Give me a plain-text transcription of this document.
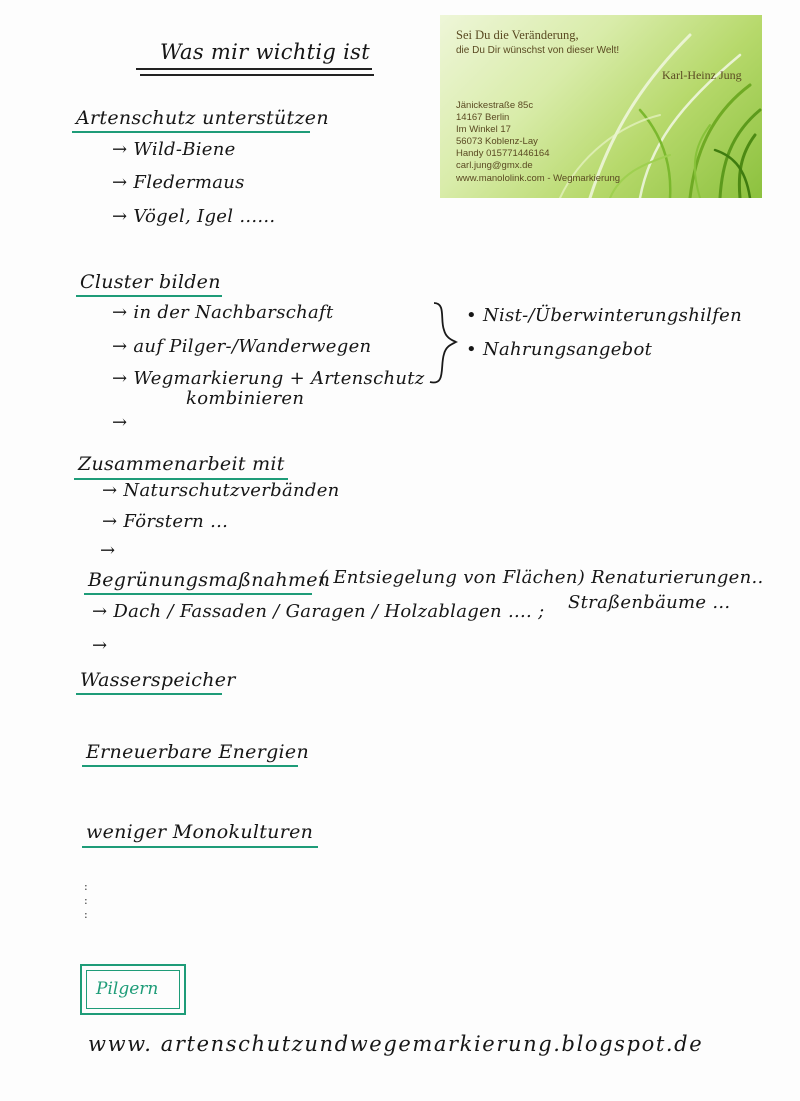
Was mir wichtig ist
Sei Du die Veränderung,
die Du Dir wünschst von dieser Welt!
Karl-Heinz Jung
Jänickestraße 85c
14167 Berlin
Im Winkel 17
56073 Koblenz-Lay
Handy 015771446164
carl.jung@gmx.de
www.manololink.com - Wegmarkierung
Artenschutz unterstützen
→ Wild-Biene
→ Fledermaus
→ Vögel, Igel ......
Cluster bilden
→ in der Nachbarschaft
→ auf Pilger-/Wanderwegen
→ Wegmarkierung + Artenschutz
kombinieren
→
• Nist-/Überwinterungshilfen
• Nahrungsangebot
Zusammenarbeit mit
→ Naturschutzverbänden
→ Förstern ...
→
Begrünungsmaßnahmen
( Entsiegelung von Flächen) Renaturierungen..
→ Dach / Fassaden / Garagen / Holzablagen .... ; Straßenbäume ...
→
Wasserspeicher
Erneuerbare Energien
weniger Monokulturen
:
:
:
Pilgern
www. artenschutzundwegemarkierung.blogspot.de
